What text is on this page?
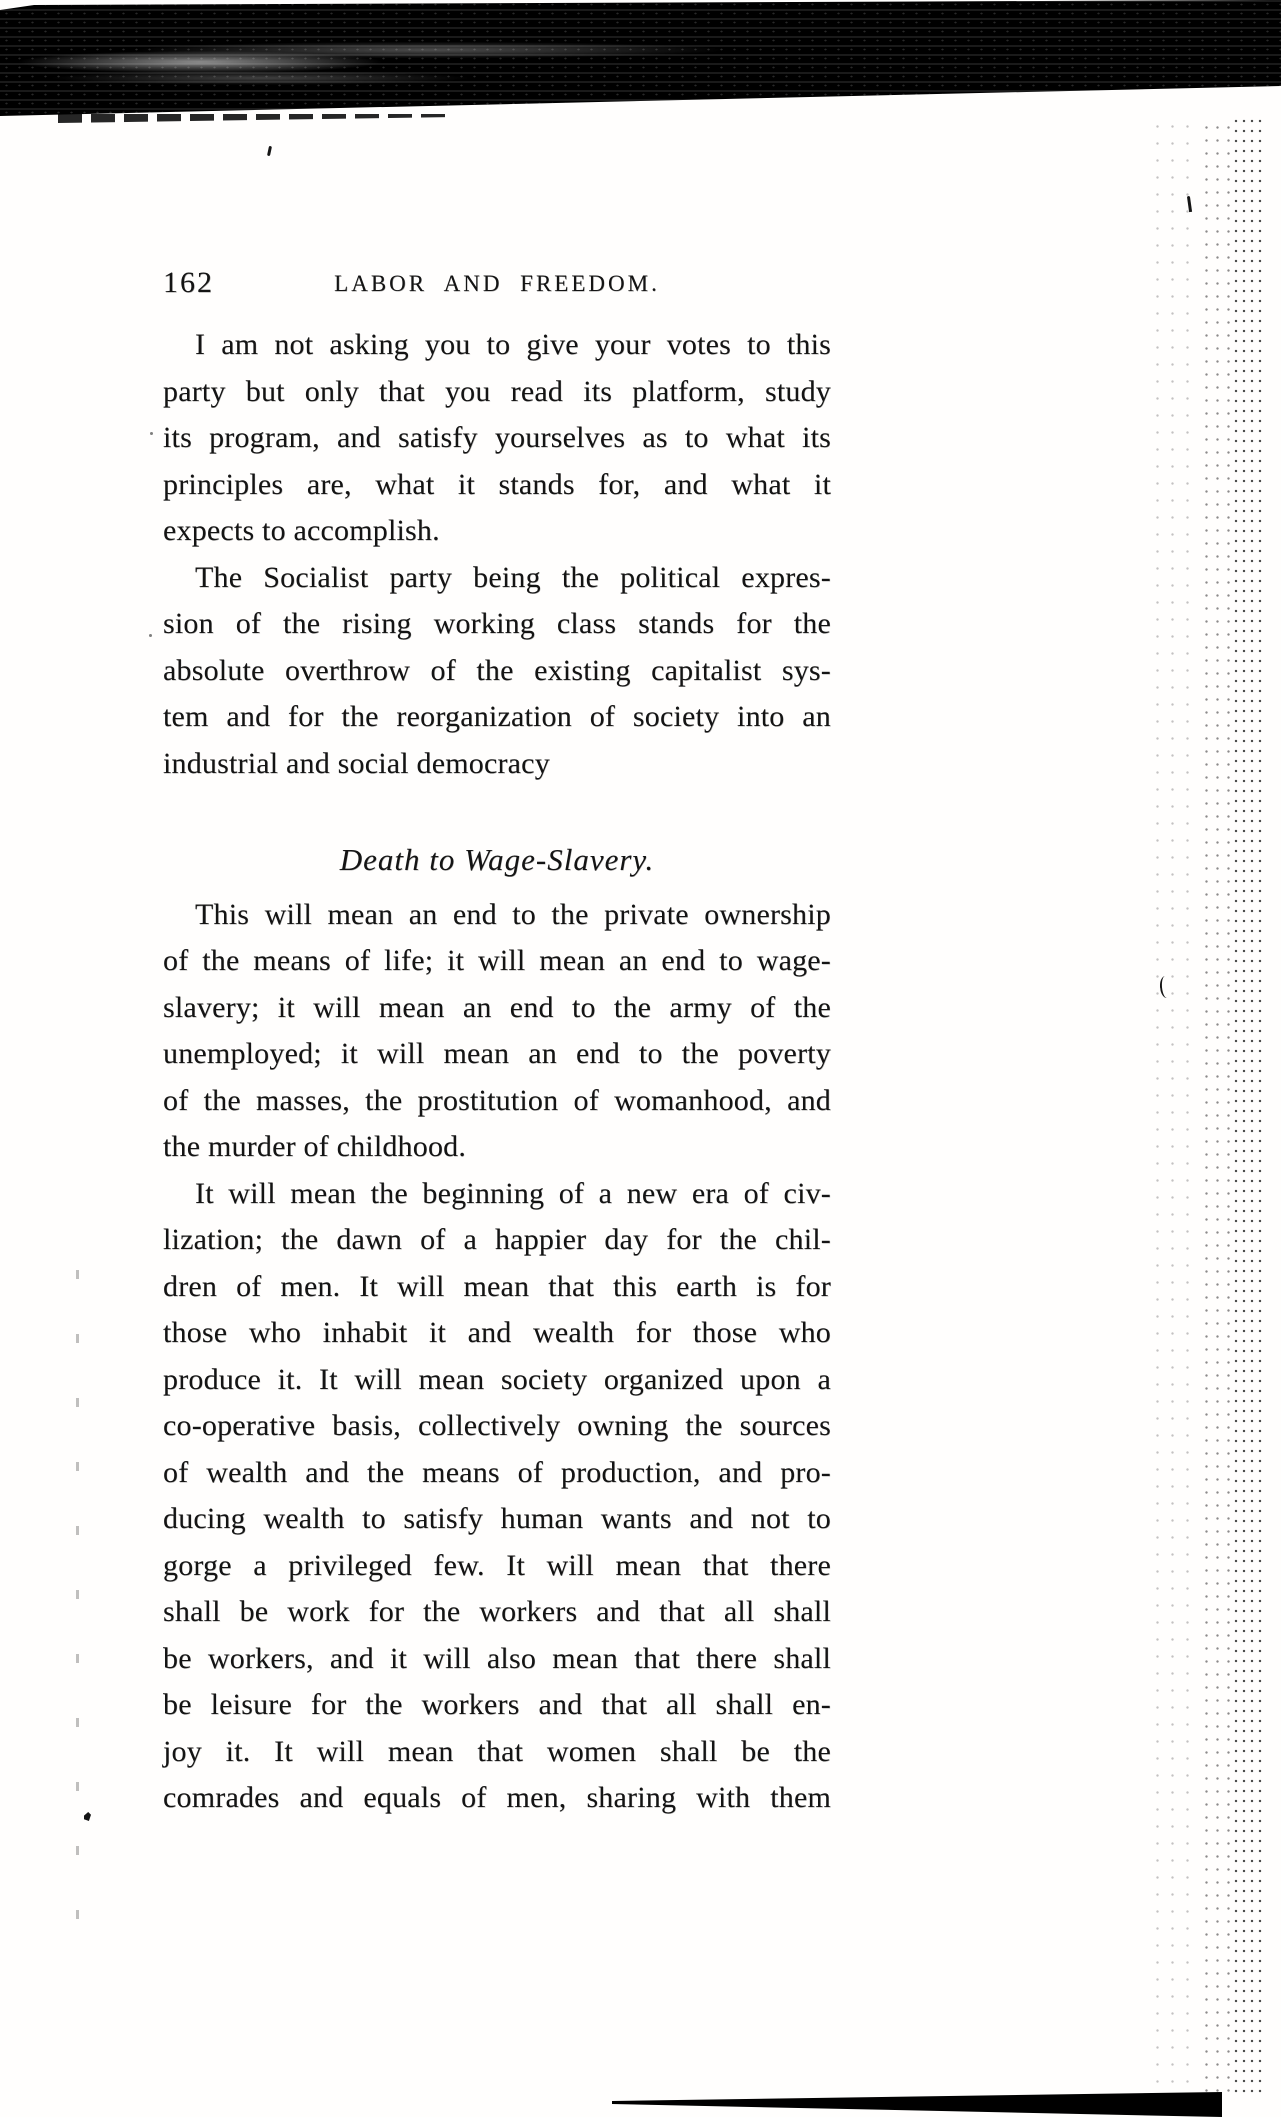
162	LABOR AND FREEDOM.

I am not asking you to give your votes to this
party but only that you read its platform, study
its program, and satisfy yourselves as to what its
principles are, what it stands for, and what it
expects to accomplish.

The Socialist party being the political expres-
sion of the rising working class stands for the
absolute overthrow of the existing capitalist sys-
tem and for the reorganization of society into an
industrial and social democracy

Death to Wage-Slavery.

This will mean an end to the private ownership
of the means of life; it will mean an end to wage-
slavery; it will mean an end to the army of the
unemployed; it will mean an end to the poverty
of the masses, the prostitution of womanhood, and
the murder of childhood.

It will mean the beginning of a new era of civ-
lization; the dawn of a happier day for the chil-
dren of men. It will mean that this earth is for
those who inhabit it and wealth for those who
produce it. It will mean society organized upon a
co-operative basis, collectively owning the sources
of wealth and the means of production, and pro-
ducing wealth to satisfy human wants and not to
gorge a privileged few. It will mean that there
shall be work for the workers and that all shall
be workers, and it will also mean that there shall
be leisure for the workers and that all shall en-
joy it. It will mean that women shall be the
comrades and equals of men, sharing with them
